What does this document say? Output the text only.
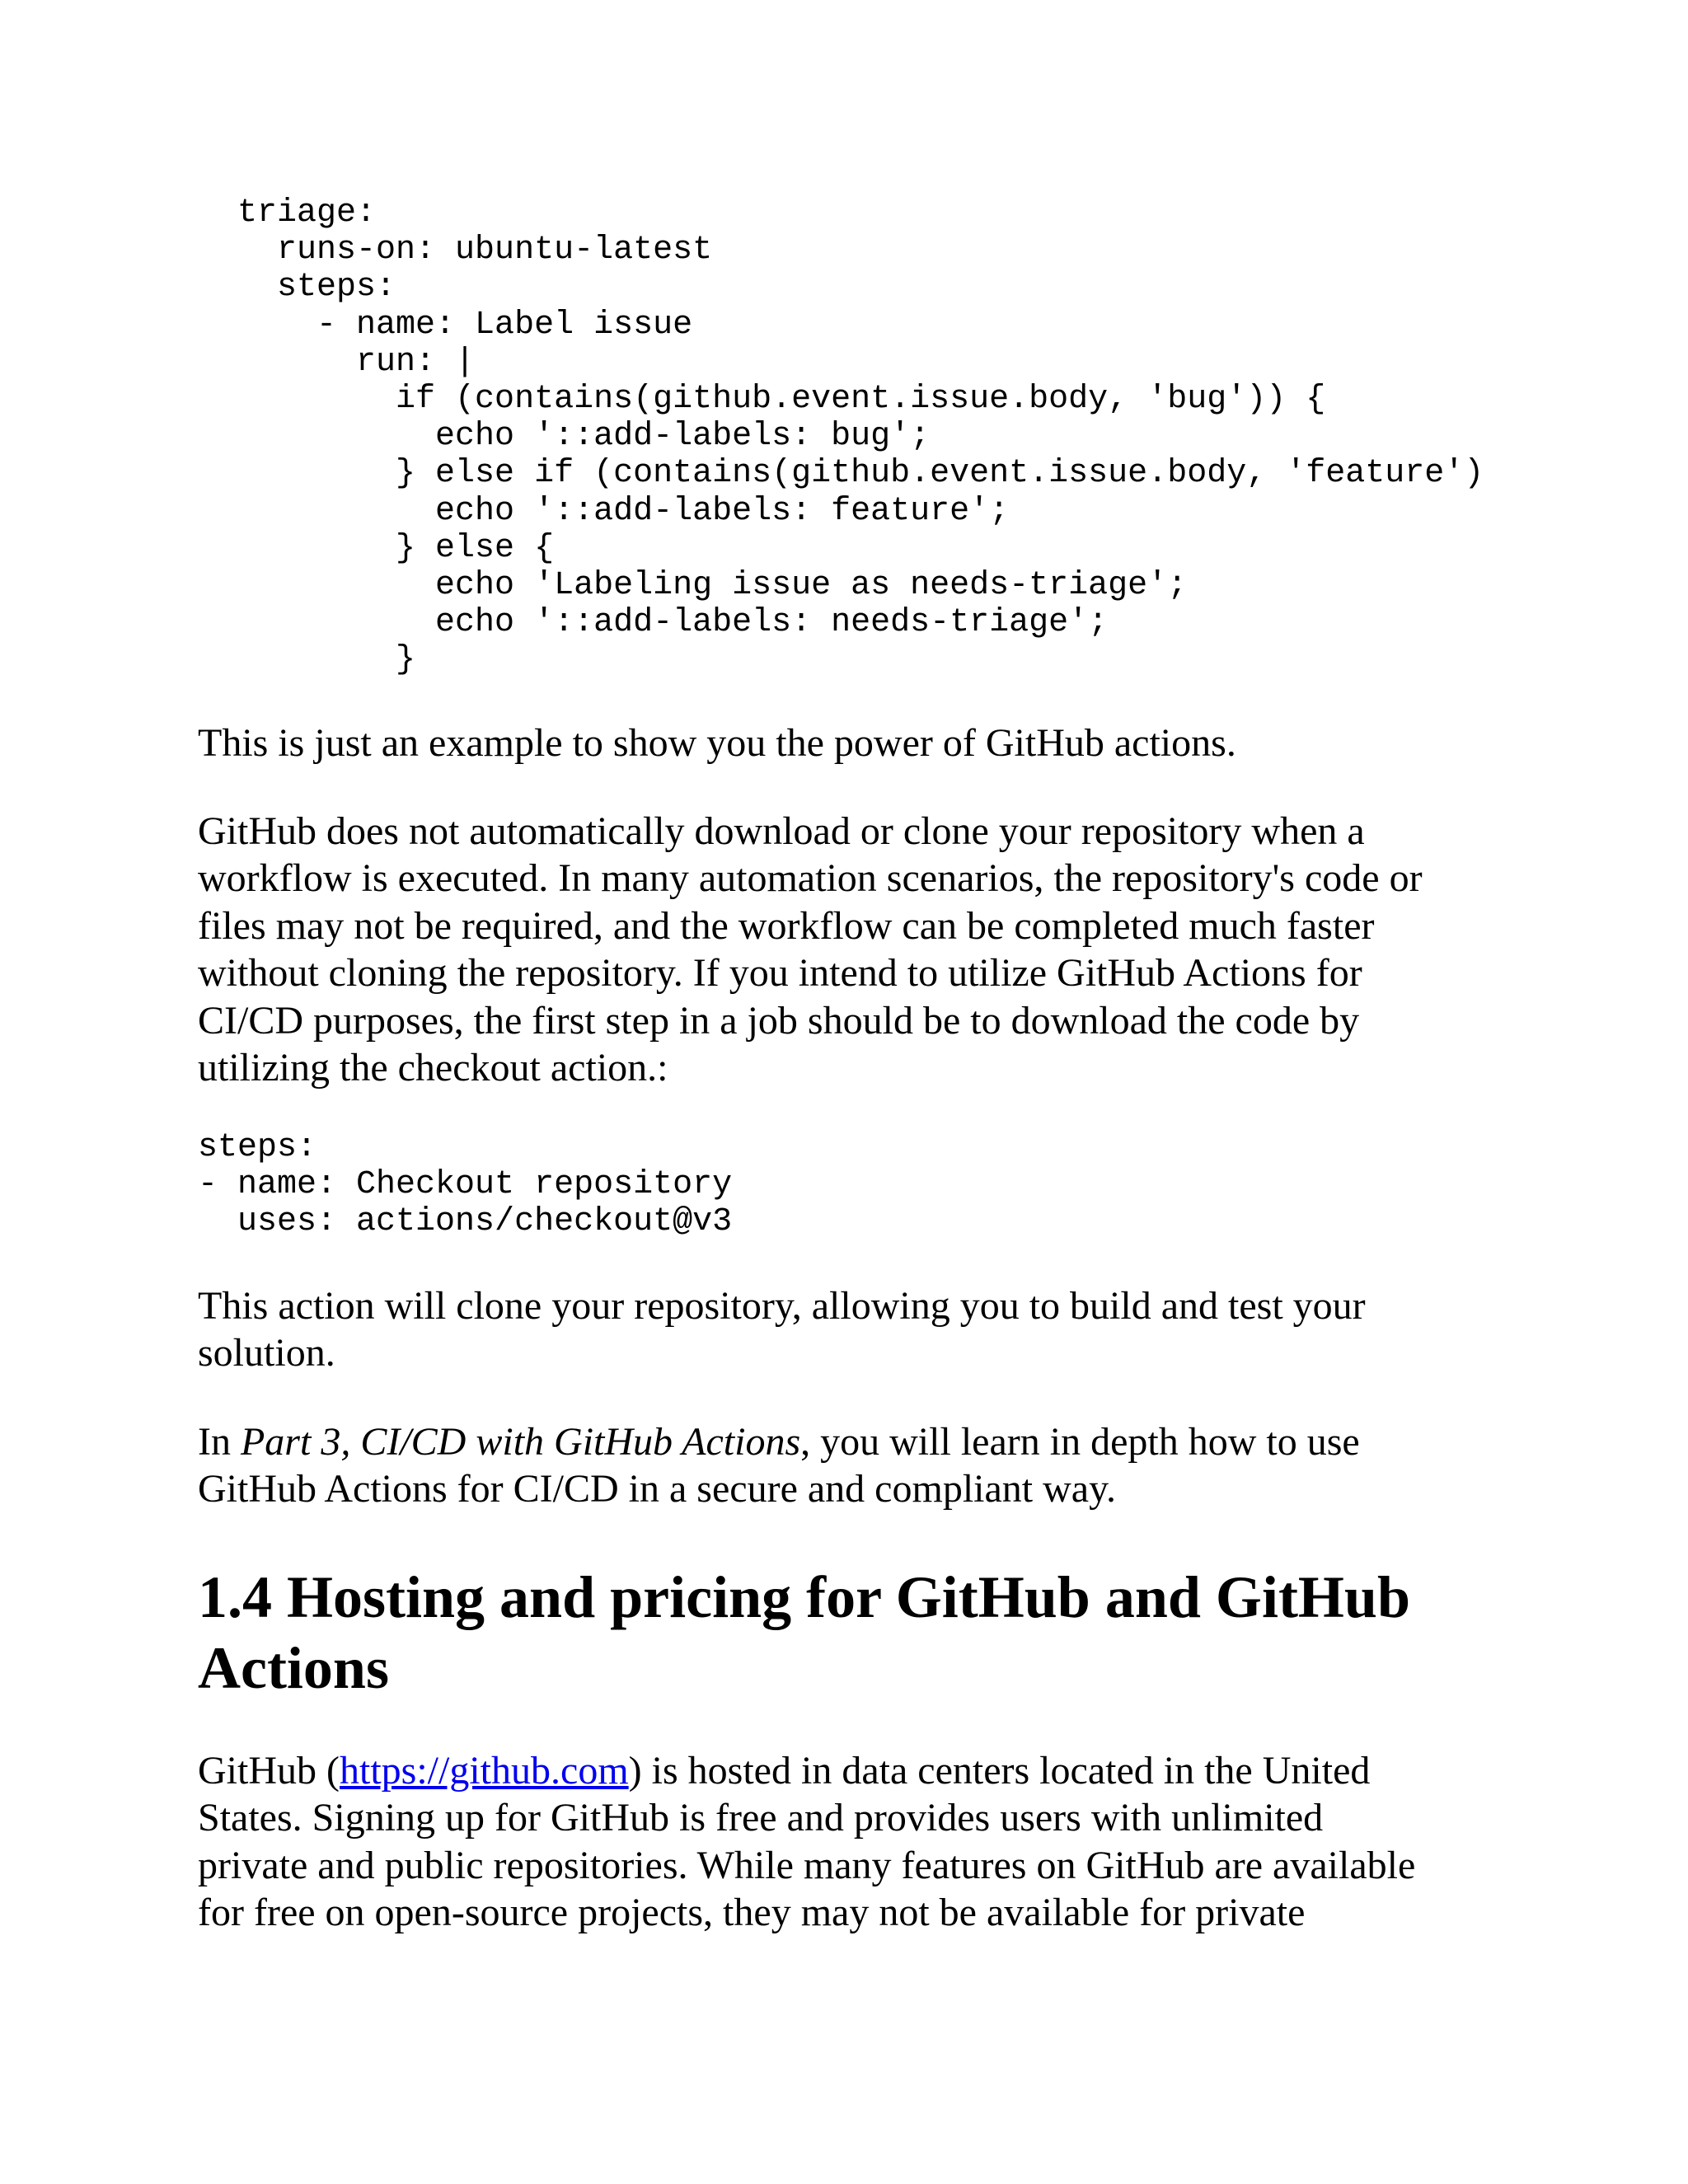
triage:
runs-on: ubuntu-latest
steps:
- name: Label issue
run: |
if (contains(github.event.issue.body, 'bug')) {
echo '::add-labels: bug';
} else if (contains(github.event.issue.body, 'feature')
echo '::add-labels: feature';
} else {
echo 'Labeling issue as needs-triage';
echo '::add-labels: needs-triage';
}

This is just an example to show you the power of GitHub actions.

GitHub does not automatically download or clone your repository when a
workflow is executed. In many automation scenarios, the repository's code or
files may not be required, and the workflow can be completed much faster
without cloning the repository. If you intend to utilize GitHub Actions for
CI/CD purposes, the first step in a job should be to download the code by
utilizing the checkout action.:

steps:
- name: Checkout repository
uses: actions/checkout@v3

This action will clone your repository, allowing you to build and test your
solution.

In Part 3, CI/CD with GitHub Actions, you will learn in depth how to use
GitHub Actions for CI/CD in a secure and compliant way.

1.4 Hosting and pricing for GitHub and GitHub
Actions

GitHub (https://github.com) is hosted in data centers located in the United
States. Signing up for GitHub is free and provides users with unlimited
private and public repositories. While many features on GitHub are available
for free on open-source projects, they may not be available for private
